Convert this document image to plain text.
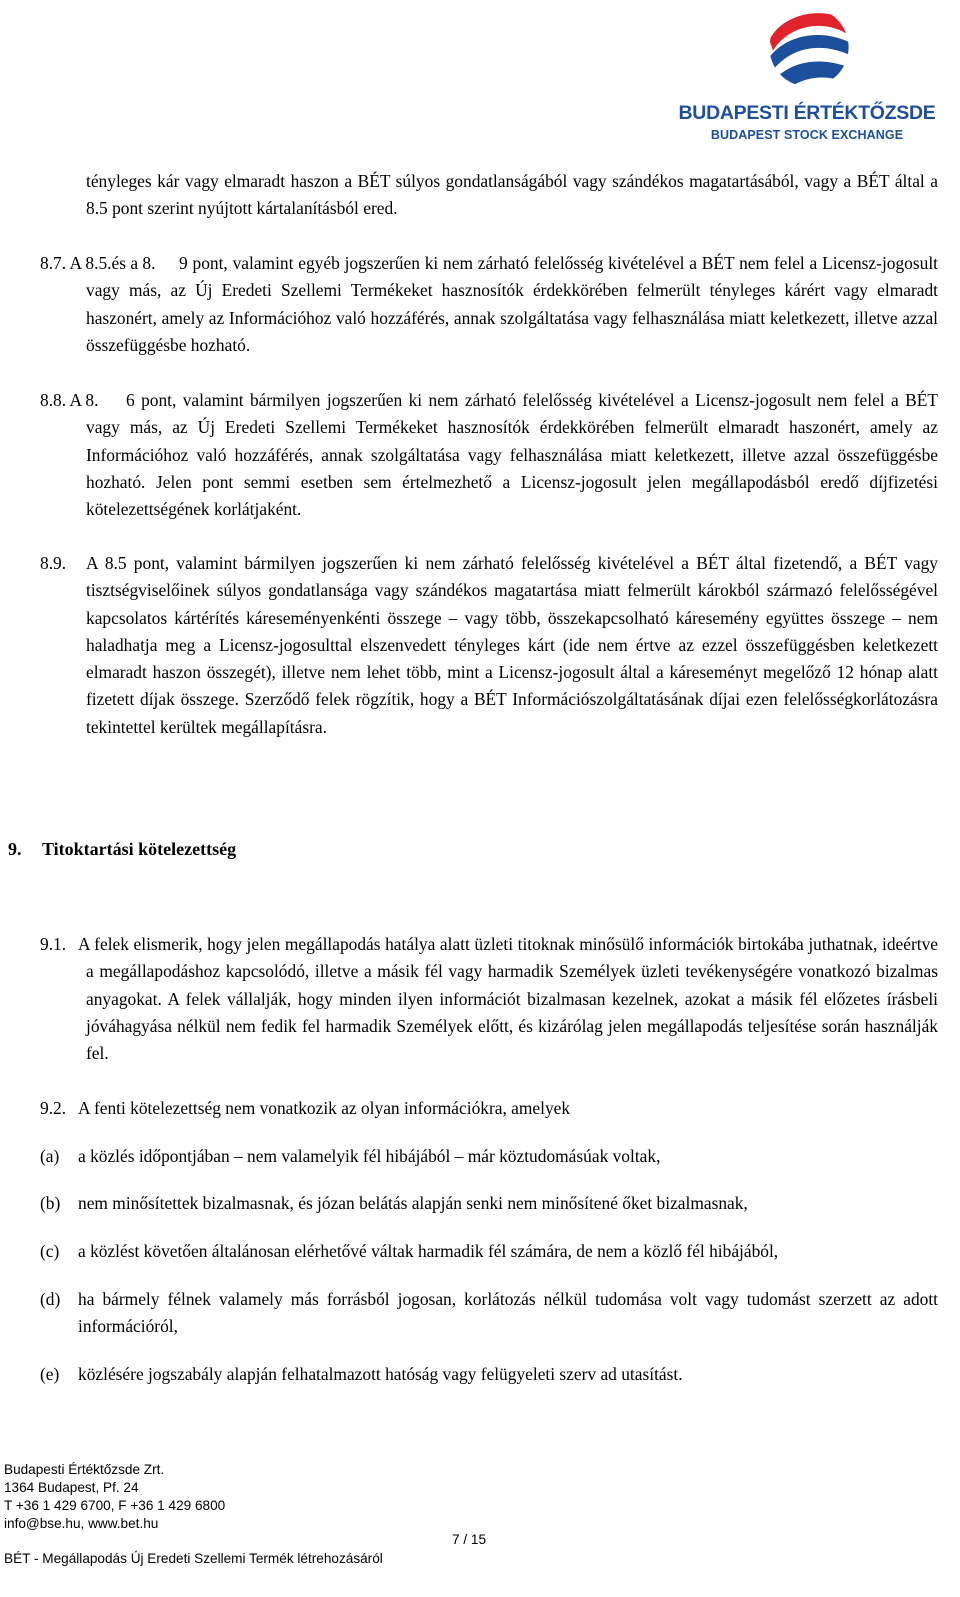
BUDAPESTI ÉRTÉKTŐZSDE
BUDAPEST STOCK EXCHANGE
tényleges kár vagy elmaradt haszon a BÉT súlyos gondatlanságából vagy szándékos magatartásából, vagy a BÉT által a 8.5 pont szerint nyújtott kártalanításból ered.
8.7. A 8.5.és a 8.	9 pont, valamint egyéb jogszerűen ki nem zárható felelősség kivételével a BÉT nem felel a Licensz-jogosult vagy más, az Új Eredeti Szellemi Termékeket hasznosítók érdekkörében felmerült tényleges kárért vagy elmaradt haszonért, amely az Információhoz való hozzáférés, annak szolgáltatása vagy felhasználása miatt keletkezett, illetve azzal összefüggésbe hozható.
8.8. A 8.	6 pont, valamint bármilyen jogszerűen ki nem zárható felelősség kivételével a Licensz-jogosult nem felel a BÉT vagy más, az Új Eredeti Szellemi Termékeket hasznosítók érdekkörében felmerült elmaradt haszonért, amely az Információhoz való hozzáférés, annak szolgáltatása vagy felhasználása miatt keletkezett, illetve azzal összefüggésbe hozható. Jelen pont semmi esetben sem értelmezhető a Licensz-jogosult jelen megállapodásból eredő díjfizetési kötelezettségének korlátjaként.
8.9. A 8.5 pont, valamint bármilyen jogszerűen ki nem zárható felelősség kivételével a BÉT által fizetendő, a BÉT vagy tisztségviselőinek súlyos gondatlansága vagy szándékos magatartása miatt felmerült károkból származó felelősségével kapcsolatos kártérítés káreseményenkénti összege – vagy több, összekapcsolható káresemény együttes összege – nem haladhatja meg a Licensz-jogosulttal elszenvedett tényleges kárt (ide nem értve az ezzel összefüggésben keletkezett elmaradt haszon összegét), illetve nem lehet több, mint a Licensz-jogosult által a káreseményt megelőző 12 hónap alatt fizetett díjak összege. Szerződő felek rögzítik, hogy a BÉT Információszolgáltatásának díjai ezen felelősségkorlátozásra tekintettel kerültek megállapításra.
9. Titoktartási kötelezettség
9.1. A felek elismerik, hogy jelen megállapodás hatálya alatt üzleti titoknak minősülő információk birtokába juthatnak, ideértve a megállapodáshoz kapcsolódó, illetve a másik fél vagy harmadik Személyek üzleti tevékenységére vonatkozó bizalmas anyagokat. A felek vállalják, hogy minden ilyen információt bizalmasan kezelnek, azokat a másik fél előzetes írásbeli jóváhagyása nélkül nem fedik fel harmadik Személyek előtt, és kizárólag jelen megállapodás teljesítése során használják fel.
9.2. A fenti kötelezettség nem vonatkozik az olyan információkra, amelyek
(a) a közlés időpontjában – nem valamelyik fél hibájából – már köztudomásúak voltak,
(b) nem minősítettek bizalmasnak, és józan belátás alapján senki nem minősítené őket bizalmasnak,
(c) a közlést követően általánosan elérhetővé váltak harmadik fél számára, de nem a közlő fél hibájából,
(d) ha bármely félnek valamely más forrásból jogosan, korlátozás nélkül tudomása volt vagy tudomást szerzett az adott információról,
(e) közlésére jogszabály alapján felhatalmazott hatóság vagy felügyeleti szerv ad utasítást.
Budapesti Értéktőzsde Zrt.
1364 Budapest, Pf. 24
T +36 1 429 6700, F +36 1 429 6800
info@bse.hu, www.bet.hu
7 / 15
BÉT - Megállapodás Új Eredeti Szellemi Termék létrehozásáról
